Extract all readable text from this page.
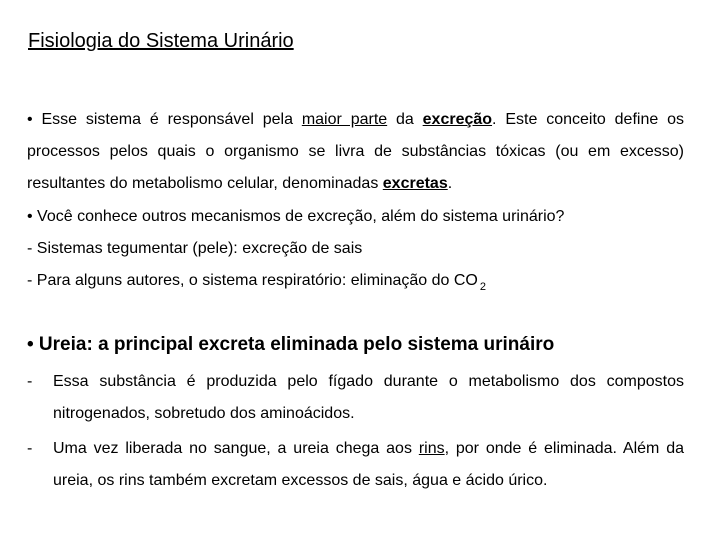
Fisiologia do Sistema Urinário
• Esse sistema é responsável pela maior parte da excreção. Este conceito define os processos pelos quais o organismo se livra de substâncias tóxicas (ou em excesso) resultantes do metabolismo celular, denominadas excretas.
• Você conhece outros mecanismos de excreção, além do sistema urinário?
- Sistemas tegumentar (pele): excreção de sais
- Para alguns autores, o sistema respiratório: eliminação do CO $_2$
• Ureia: a principal excreta eliminada pelo sistema urináiro
-	Essa substância é produzida pelo fígado durante o metabolismo dos compostos nitrogenados, sobretudo dos aminoácidos.
-	Uma vez liberada no sangue, a ureia chega aos rins, por onde é eliminada. Além da ureia, os rins também excretam excessos de sais, água e ácido úrico.
